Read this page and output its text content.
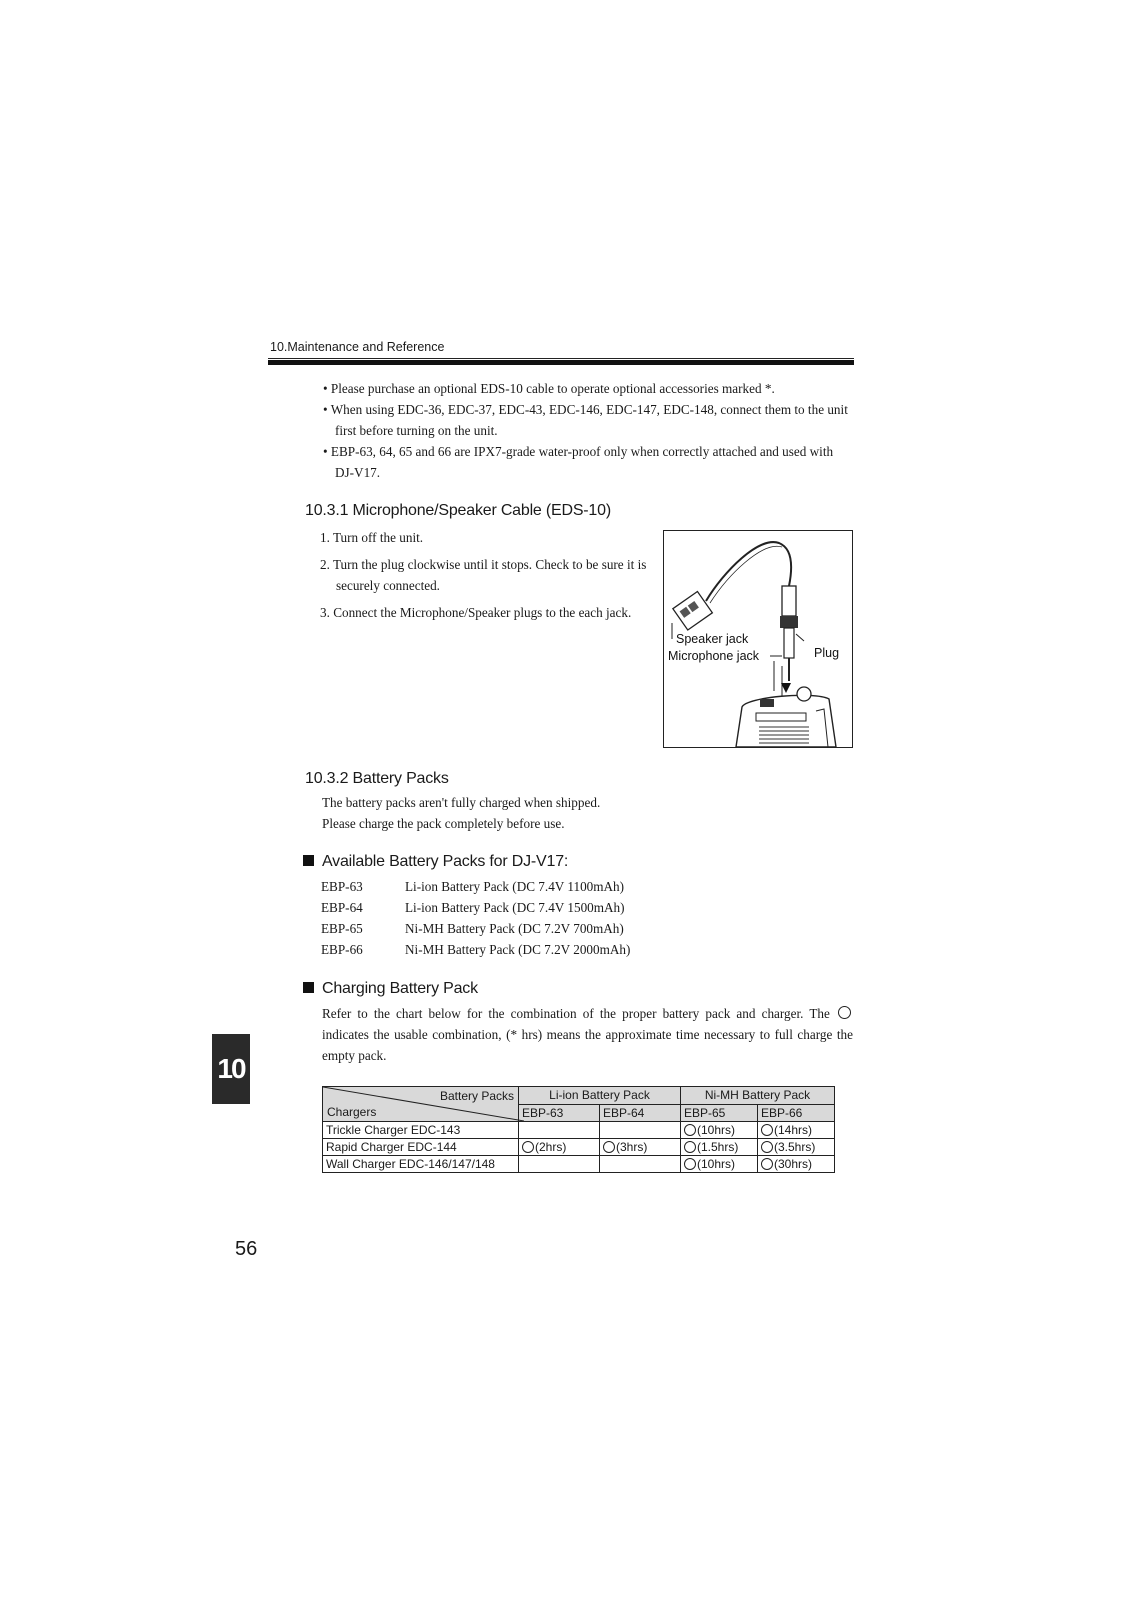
10.Maintenance and Reference
• Please purchase an optional EDS-10 cable to operate optional accessories marked *.
• When using EDC-36, EDC-37, EDC-43, EDC-146, EDC-147, EDC-148, connect them to the unit first before turning on the unit.
• EBP-63, 64, 65 and 66 are IPX7-grade water-proof only when correctly attached and used with DJ-V17.
10.3.1 Microphone/Speaker Cable (EDS-10)
1. Turn off the unit.
2. Turn the plug clockwise until it stops. Check to be sure it is securely connected.
3. Connect the Microphone/Speaker plugs to the each jack.
Speaker jack
Microphone jack	Plug
10.3.2 Battery Packs
The battery packs aren't fully charged when shipped.
Please charge the pack completely before use.
Available Battery Packs for DJ-V17:
EBP-63	Li-ion Battery Pack (DC 7.4V 1100mAh)
EBP-64	Li-ion Battery Pack (DC 7.4V 1500mAh)
EBP-65	Ni-MH Battery Pack (DC 7.2V 700mAh)
EBP-66	Ni-MH Battery Pack (DC 7.2V 2000mAh)
Charging Battery Pack
Refer to the chart below for the combination of the proper battery pack and charger. The  indicates the usable combination, (* hrs) means the approximate time necessary to full charge the empty pack.
Battery Packs
Chargers	Li-ion Battery Pack		Ni-MH Battery Pack	
	EBP-63	EBP-64	EBP-65	EBP-66
Trickle Charger EDC-143			(10hrs)	(14hrs)
Rapid Charger EDC-144	(2hrs)	(3hrs)	(1.5hrs)	(3.5hrs)
Wall Charger EDC-146/147/148			(10hrs)	(30hrs)
10
56
